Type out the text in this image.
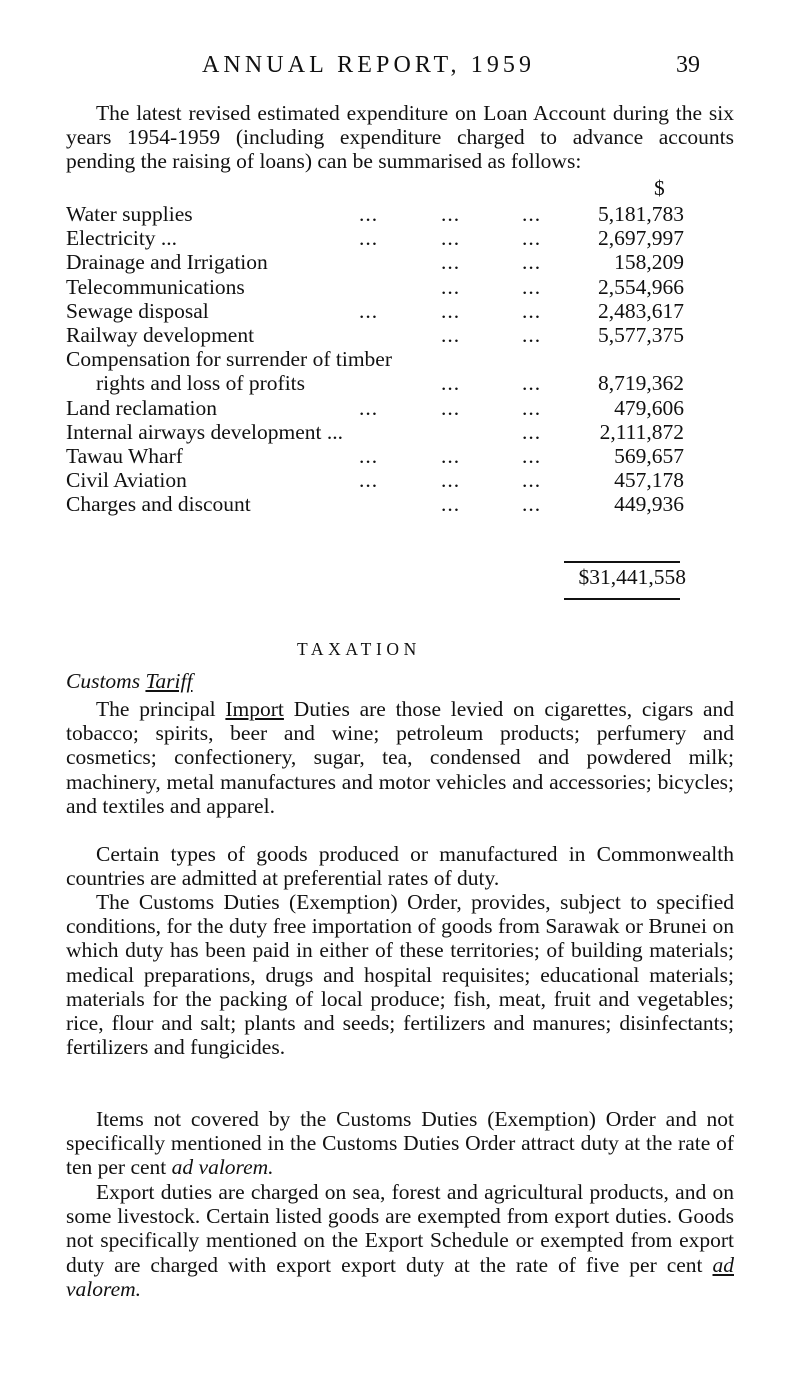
ANNUAL REPORT, 1959	39

The latest revised estimated expenditure on Loan Account during the six years 1954-1959 (including expenditure charged to advance accounts pending the raising of loans) can be summarised as follows:

$
Water supplies	...	...	...	5,181,783
Electricity ...	...	...	...	2,697,997
Drainage and Irrigation	...	...	158,209
Telecommunications	...	...	2,554,966
Sewage disposal	...	...	...	2,483,617
Railway development	...	...	5,577,375
Compensation for surrender of timber
rights and loss of profits	...	...	8,719,362
Land reclamation	...	...	...	479,606
Internal airways development ...	...	2,111,872
Tawau Wharf	...	...	...	569,657
Civil Aviation	...	...	...	457,178
Charges and discount	...	...	449,936
$31,441,558
TAXATION
Customs Tariff

The principal Import Duties are those levied on cigarettes, cigars and tobacco; spirits, beer and wine; petroleum products; perfumery and cosmetics; confectionery, sugar, tea, condensed and powdered milk; machinery, metal manufactures and motor vehicles and accessories; bicycles; and textiles and apparel.

Certain types of goods produced or manufactured in Commonwealth countries are admitted at preferential rates of duty.

The Customs Duties (Exemption) Order, provides, subject to specified conditions, for the duty free importation of goods from Sarawak or Brunei on which duty has been paid in either of these territories; of building materials; medical preparations, drugs and hospital requisites; educational materials; materials for the packing of local produce; fish, meat, fruit and vegetables; rice, flour and salt; plants and seeds; fertilizers and manures; disinfectants; fertilizers and fungicides.

Items not covered by the Customs Duties (Exemption) Order and not specifically mentioned in the Customs Duties Order attract duty at the rate of ten per cent ad valorem.

Export duties are charged on sea, forest and agricultural products, and on some livestock. Certain listed goods are exempted from export duties. Goods not specifically mentioned on the Export Schedule or exempted from export duty are charged with export export duty at the rate of five per cent ad valorem.
